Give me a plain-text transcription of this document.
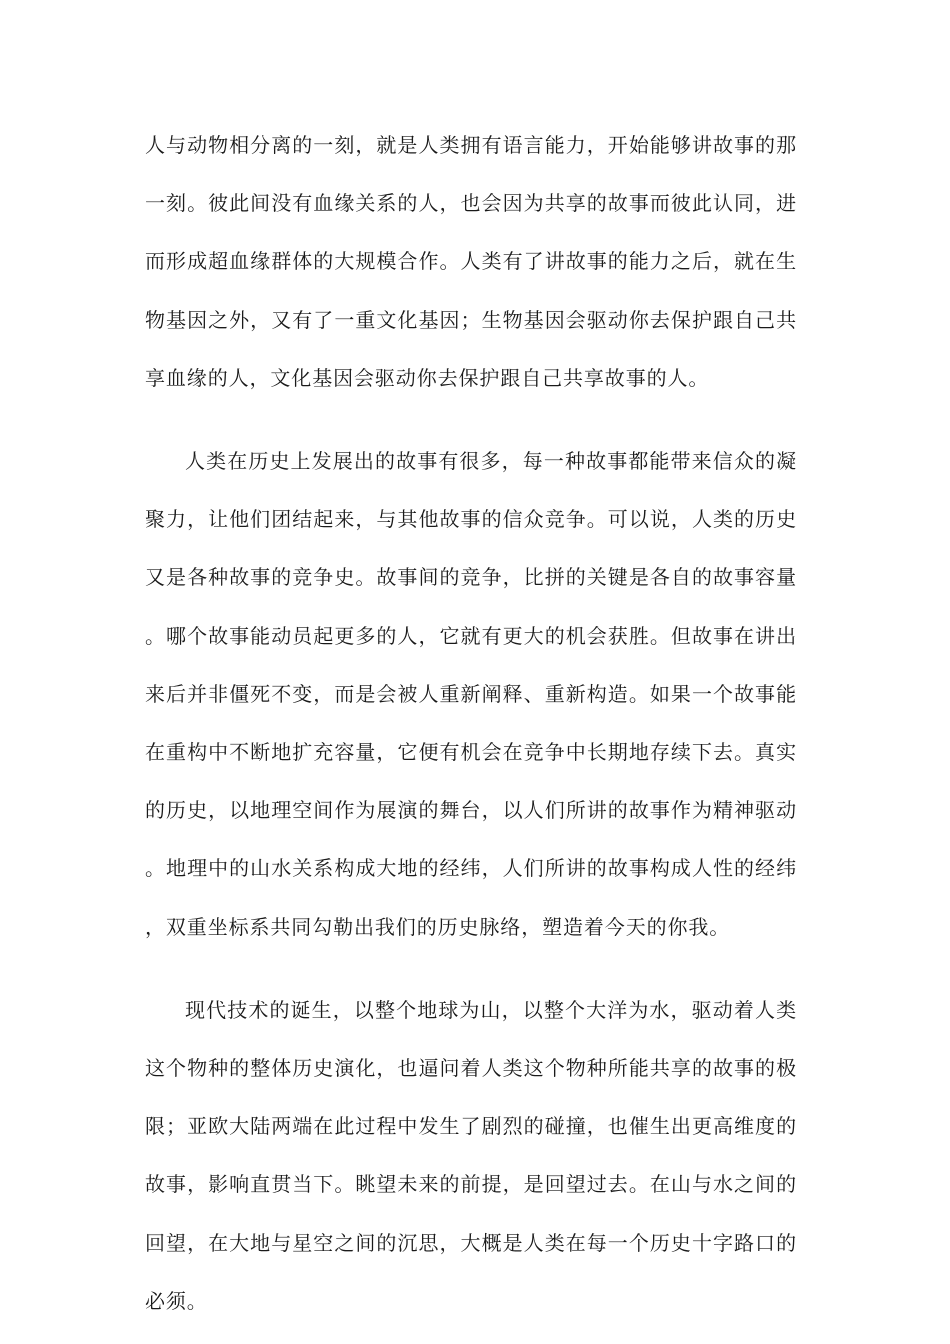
人与动物相分离的一刻，就是人类拥有语言能力，开始能够讲故事的那一刻。彼此间没有血缘关系的人，也会因为共享的故事而彼此认同，进而形成超血缘群体的大规模合作。人类有了讲故事的能力之后，就在生物基因之外，又有了一重文化基因；生物基因会驱动你去保护跟自己共享血缘的人，文化基因会驱动你去保护跟自己共享故事的人。

人类在历史上发展出的故事有很多，每一种故事都能带来信众的凝聚力，让他们团结起来，与其他故事的信众竞争。可以说，人类的历史又是各种故事的竞争史。故事间的竞争，比拼的关键是各自的故事容量。哪个故事能动员起更多的人，它就有更大的机会获胜。但故事在讲出来后并非僵死不变，而是会被人重新阐释、重新构造。如果一个故事能在重构中不断地扩充容量，它便有机会在竞争中长期地存续下去。真实的历史，以地理空间作为展演的舞台，以人们所讲的故事作为精神驱动。地理中的山水关系构成大地的经纬，人们所讲的故事构成人性的经纬，双重坐标系共同勾勒出我们的历史脉络，塑造着今天的你我。

现代技术的诞生，以整个地球为山，以整个大洋为水，驱动着人类这个物种的整体历史演化，也逼问着人类这个物种所能共享的故事的极限；亚欧大陆两端在此过程中发生了剧烈的碰撞，也催生出更高维度的故事，影响直贯当下。眺望未来的前提，是回望过去。在山与水之间的回望，在大地与星空之间的沉思，大概是人类在每一个历史十字路口的必须。
